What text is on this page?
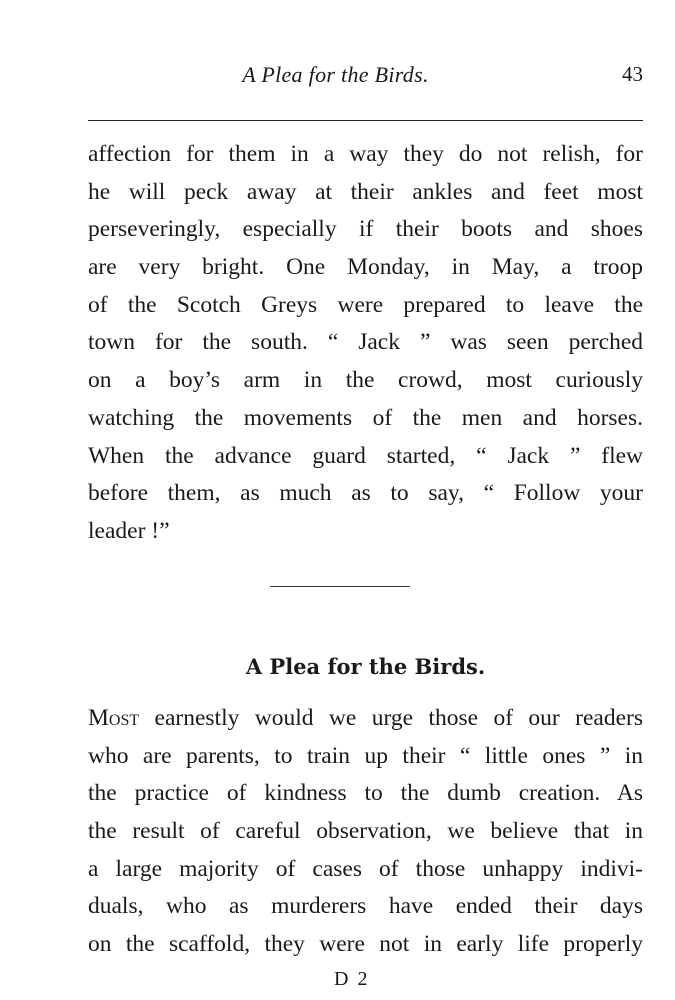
A Plea for the Birds.	43
affection for them in a way they do not relish, for
he will peck away at their ankles and feet most
perseveringly, especially if their boots and shoes
are very bright. One Monday, in May, a troop
of the Scotch Greys were prepared to leave the
town for the south. “ Jack ” was seen perched
on a boy’s arm in the crowd, most curiously
watching the movements of the men and horses.
When the advance guard started, “ Jack ” flew
before them, as much as to say, “ Follow your
leader !”
A Plea for the Birds.
Most earnestly would we urge those of our readers
who are parents, to train up their “ little ones ” in
the practice of kindness to the dumb creation. As
the result of careful observation, we believe that in
a large majority of cases of those unhappy indivi-
duals, who as murderers have ended their days
on the scaffold, they were not in early life properly
D 2
